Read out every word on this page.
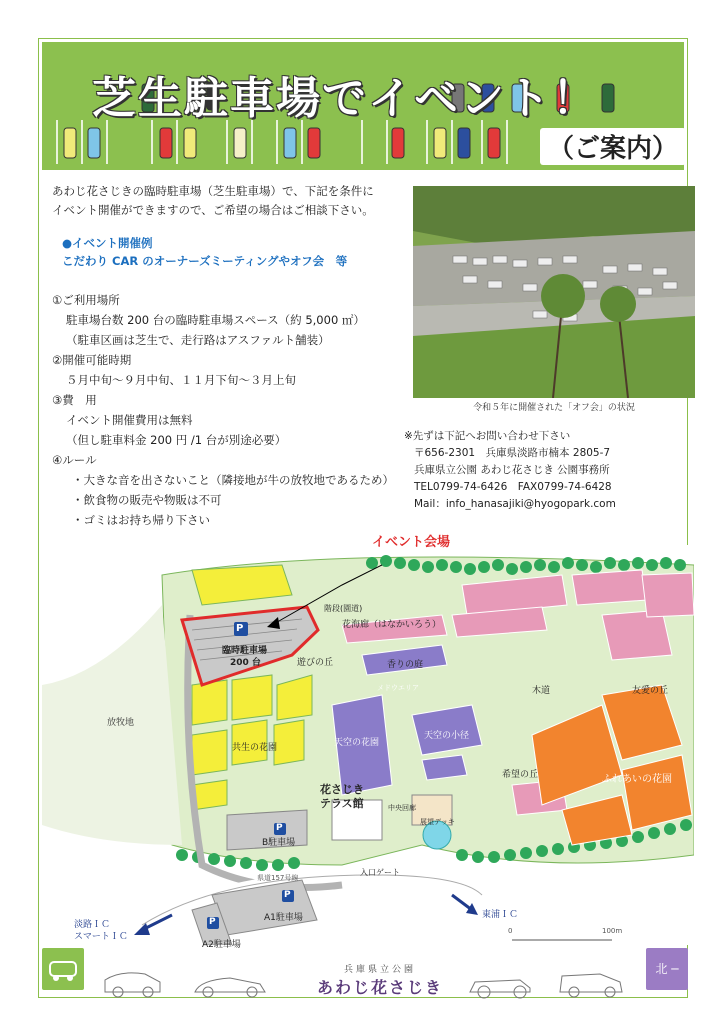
芝生駐車場でイベント！
（ご案内）
あわじ花さじきの臨時駐車場（芝生駐車場）で、下記を条件に
イベント開催ができますので、ご希望の場合はご相談下さい。
●イベント開催例
こだわり CAR のオーナーズミーティングやオフ会　等
①ご利用場所
駐車場台数 200 台の臨時駐車場スペース（約 5,000 ㎡）
（駐車区画は芝生で、走行路はアスファルト舗装）
②開催可能時期
５月中旬～９月中旬、１１月下旬～３月上旬
③費　用
イベント開催費用は無料
（但し駐車料金 200 円 /1 台が別途必要）
④ルール
・大きな音を出さないこと（隣接地が牛の放牧地であるため）
・飲食物の販売や物販は不可
・ゴミはお持ち帰り下さい
令和５年に開催された「オフ会」の状況
※先ずは下記へお問い合わせ下さい
〒656-2301　兵庫県淡路市楠本 2805-7
兵庫県立公園 あわじ花さじき 公園事務所
TEL0799-74-6426　FAX0799-74-6428
Mail：info_hanasajiki@hyogopark.com
イベント会場
P
臨時駐車場
200 台
階段(園道)
花海廊（はなかいろう）
遊びの丘	香りの庭
メドウエリア	木道	友愛の丘
放牧地
天空の花園
天空の小径
共生の花園
希望の丘	ふれあいの花園
花さじき
テラス館	中央回廊
展望デッキ
P
B駐車場
入口ゲート
県道157号線
P
A1駐車場
P
A2駐車場
淡路ＩＣ
スマートＩＣ
東浦ＩＣ
0	100m
兵庫県立公園
あわじ花さじき
北 ─
